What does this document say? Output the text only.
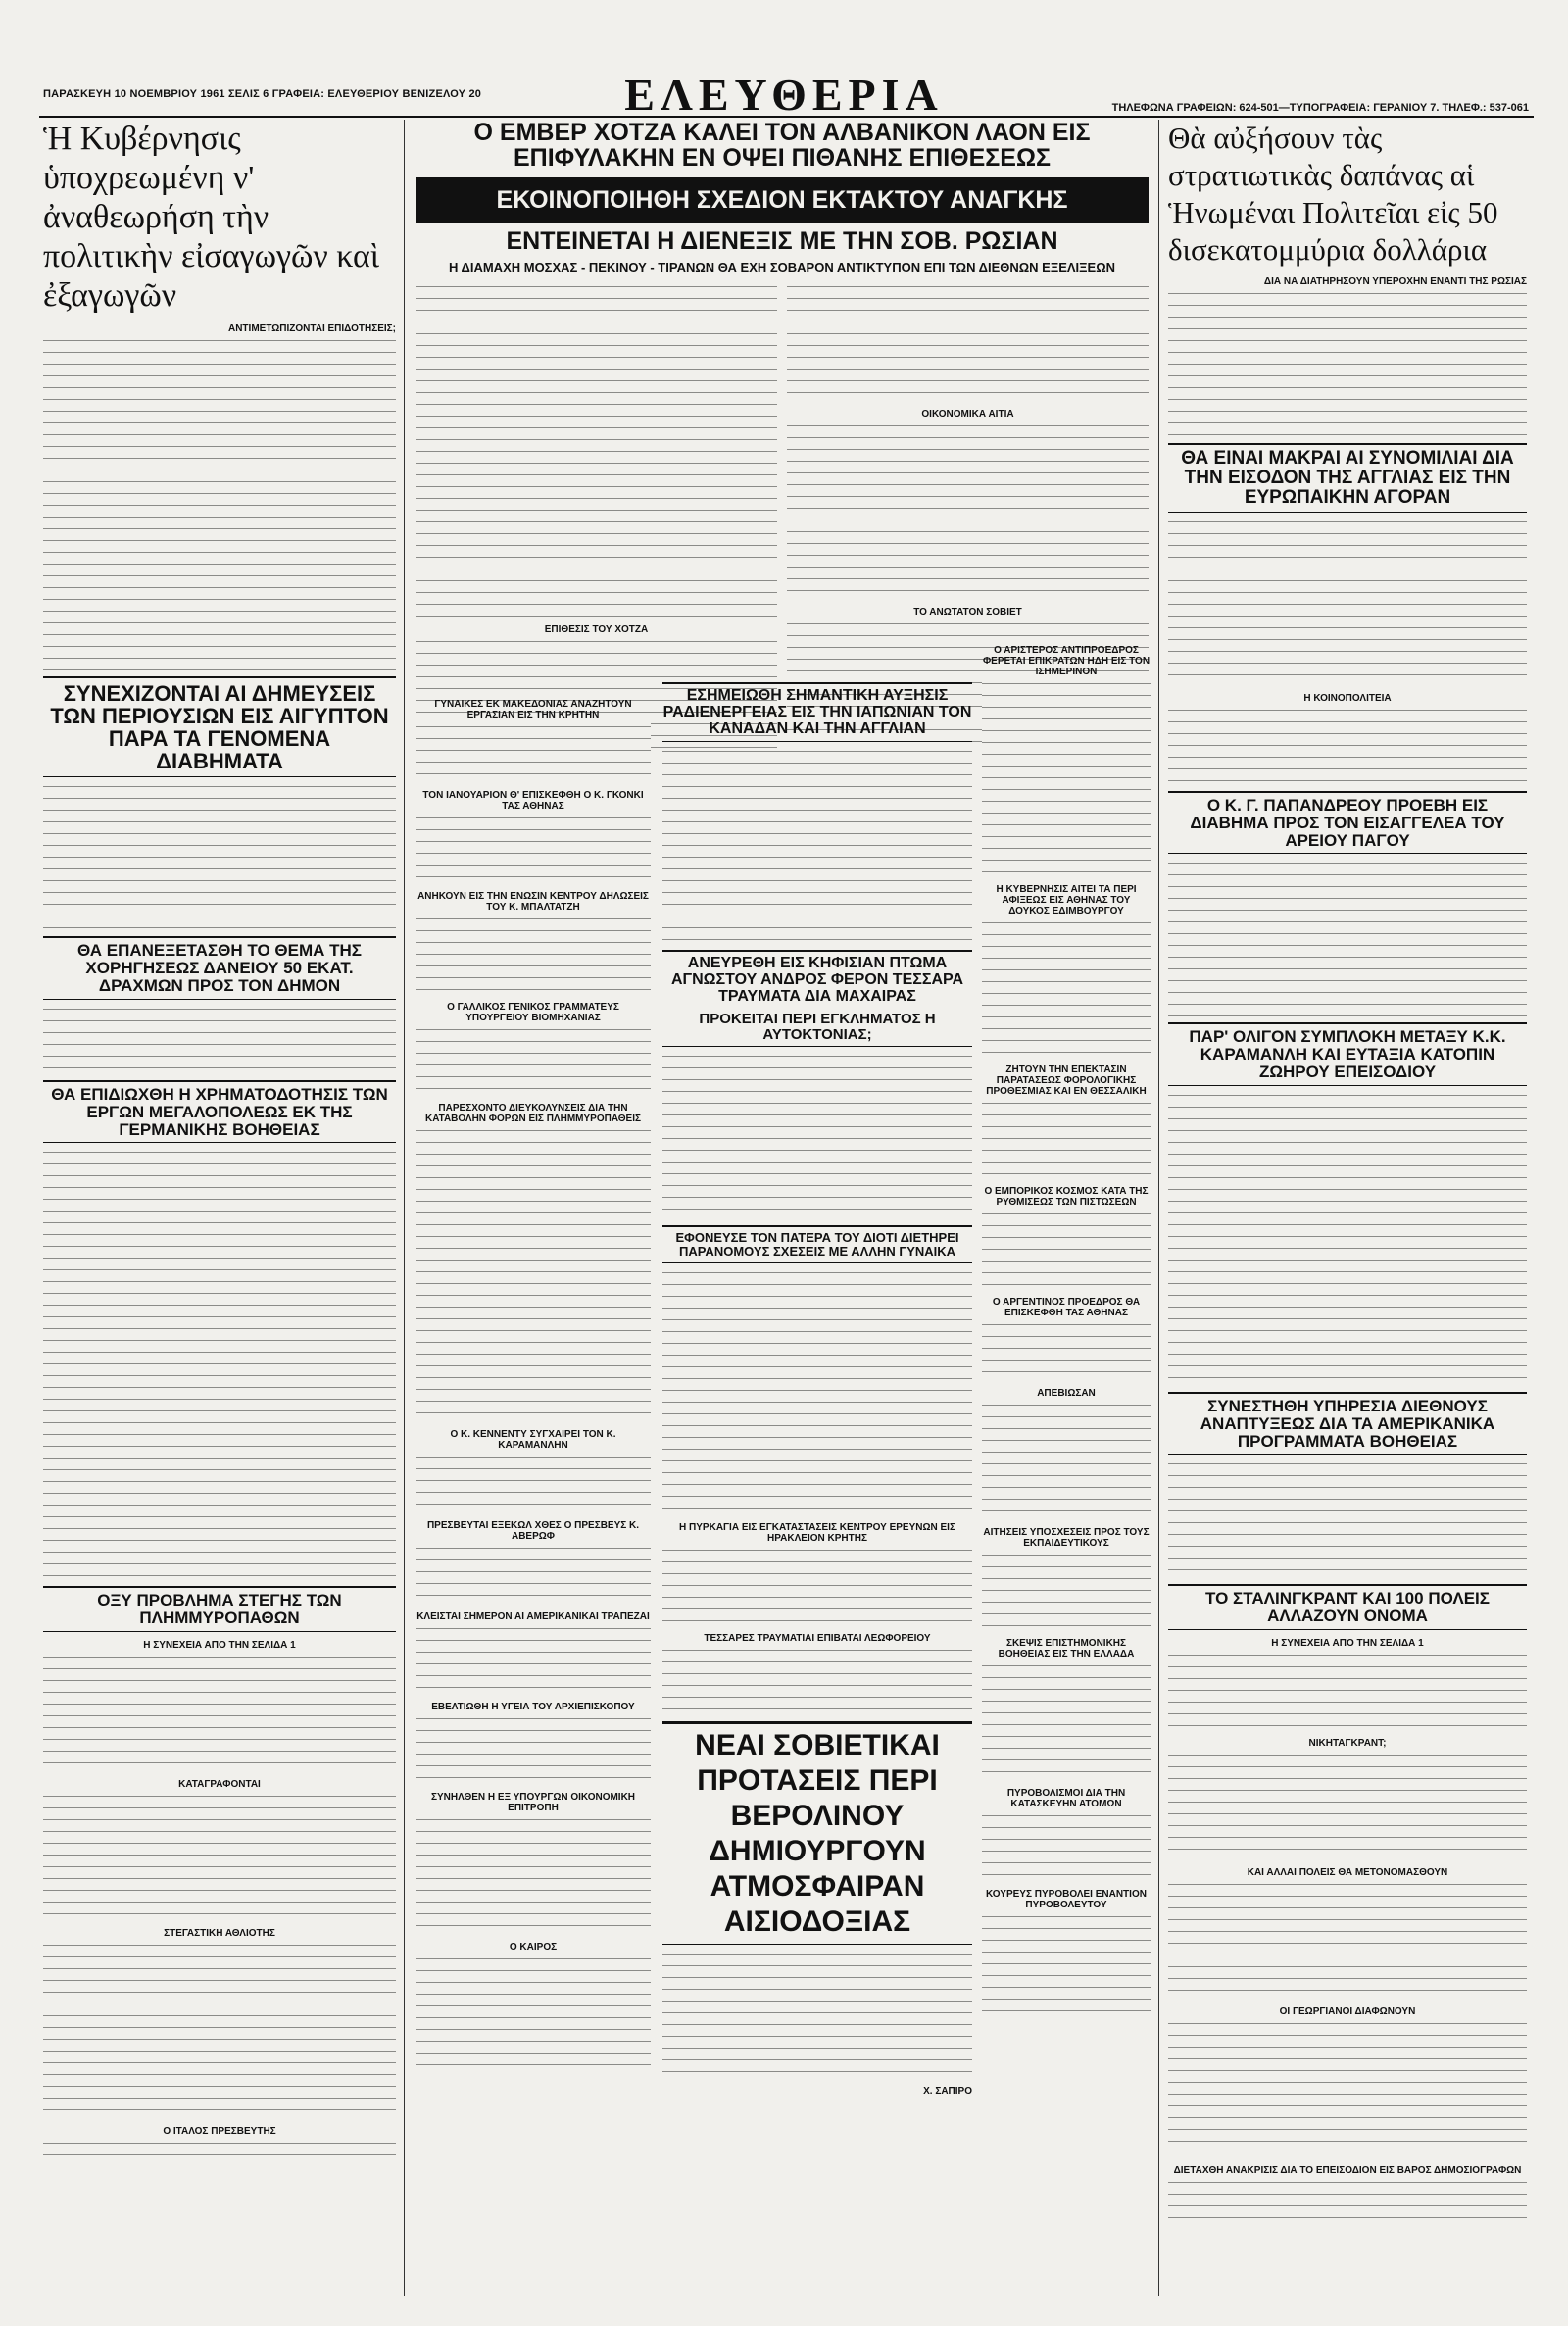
ΠΑΡΑΣΚΕΥΗ 10 ΝΟΕΜΒΡΙΟΥ 1961 ΣΕΛΙΣ 6 ΓΡΑΦΕΙΑ: ΕΛΕΥΘΕΡΙΟΥ ΒΕΝΙΖΕΛΟΥ 20	ΕΛΕΥΘΕΡΙΑ	ΤΗΛΕΦΩΝΑ ΓΡΑΦΕΙΩΝ: 624-501—ΤΥΠΟΓΡΑΦΕΙΑ: ΓΕΡΑΝΙΟΥ 7. ΤΗΛΕΦ.: 537-061
Ἡ Κυβέρνησις ὑποχρεωμένη ν' ἀναθεωρήση τὴν πολιτικὴν εἰσαγωγῶν καὶ ἐξαγωγῶν
ΑΝΤΙΜΕΤΩΠΙΖΟΝΤΑΙ ΕΠΙΔΟΤΗΣΕΙΣ;
ΣΥΝΕΧΙΖΟΝΤΑΙ ΑΙ ΔΗΜΕΥΣΕΙΣ ΤΩΝ ΠΕΡΙΟΥΣΙΩΝ ΕΙΣ ΑΙΓΥΠΤΟΝ ΠΑΡΑ ΤΑ ΓΕΝΟΜΕΝΑ ΔΙΑΒΗΜΑΤΑ
ΘΑ ΕΠΑΝΕΞΕΤΑΣΘΗ ΤΟ ΘΕΜΑ ΤΗΣ ΧΟΡΗΓΗΣΕΩΣ ΔΑΝΕΙΟΥ 50 ΕΚΑΤ. ΔΡΑΧΜΩΝ ΠΡΟΣ ΤΟΝ ΔΗΜΟΝ
ΘΑ ΕΠΙΔΙΩΧΘΗ Η ΧΡΗΜΑΤΟΔΟΤΗΣΙΣ ΤΩΝ ΕΡΓΩΝ ΜΕΓΑΛΟΠΟΛΕΩΣ ΕΚ ΤΗΣ ΓΕΡΜΑΝΙΚΗΣ ΒΟΗΘΕΙΑΣ
ΟΞΥ ΠΡΟΒΛΗΜΑ ΣΤΕΓΗΣ ΤΩΝ ΠΛΗΜΜΥΡΟΠΑΘΩΝ
Η ΣΥΝΕΧΕΙΑ ΑΠΟ ΤΗΝ ΣΕΛΙΔΑ 1
ΚΑΤΑΓΡΑΦΟΝΤΑΙ
ΣΤΕΓΑΣΤΙΚΗ ΑΘΛΙΟΤΗΣ
Ο ΙΤΑΛΟΣ ΠΡΕΣΒΕΥΤΗΣ
Ο ΕΜΒΕΡ ΧΟΤΖΑ ΚΑΛΕΙ ΤΟΝ ΑΛΒΑΝΙΚΟΝ ΛΑΟΝ ΕΙΣ ΕΠΙΦΥΛΑΚΗΝ ΕΝ ΟΨΕΙ ΠΙΘΑΝΗΣ ΕΠΙΘΕΣΕΩΣ
ΕΚΟΙΝΟΠΟΙΗΘΗ ΣΧΕΔΙΟΝ ΕΚΤΑΚΤΟΥ ΑΝΑΓΚΗΣ
ΕΝΤΕΙΝΕΤΑΙ Η ΔΙΕΝΕΞΙΣ ΜΕ ΤΗΝ ΣΟΒ. ΡΩΣΙΑΝ
Η ΔΙΑΜΑΧΗ ΜΟΣΧΑΣ - ΠΕΚΙΝΟΥ - ΤΙΡΑΝΩΝ ΘΑ ΕΧΗ ΣΟΒΑΡΟΝ ΑΝΤΙΚΤΥΠΟΝ ΕΠΙ ΤΩΝ ΔΙΕΘΝΩΝ ΕΞΕΛΙΞΕΩΝ
ΕΠΙΘΕΣΙΣ ΤΟΥ ΧΟΤΖΑ
ΟΙΚΟΝΟΜΙΚΑ ΑΙΤΙΑ
ΤΟ ΑΝΩΤΑΤΟΝ ΣΟΒΙΕΤ
ΓΥΝΑΙΚΕΣ ΕΚ ΜΑΚΕΔΟΝΙΑΣ ΑΝΑΖΗΤΟΥΝ ΕΡΓΑΣΙΑΝ ΕΙΣ ΤΗΝ ΚΡΗΤΗΝ
ΤΟΝ ΙΑΝΟΥΑΡΙΟΝ Θ' ΕΠΙΣΚΕΦΘΗ Ο Κ. ΓΚΟΝΚΙ ΤΑΣ ΑΘΗΝΑΣ
ΑΝΗΚΟΥΝ ΕΙΣ ΤΗΝ ΕΝΩΣΙΝ ΚΕΝΤΡΟΥ ΔΗΛΩΣΕΙΣ ΤΟΥ Κ. ΜΠΑΛΤΑΤΖΗ
Ο ΓΑΛΛΙΚΟΣ ΓΕΝΙΚΟΣ ΓΡΑΜΜΑΤΕΥΣ ΥΠΟΥΡΓΕΙΟΥ ΒΙΟΜΗΧΑΝΙΑΣ
ΠΑΡΕΣΧΟΝΤΟ ΔΙΕΥΚΟΛΥΝΣΕΙΣ ΔΙΑ ΤΗΝ ΚΑΤΑΒΟΛΗΝ ΦΟΡΩΝ ΕΙΣ ΠΛΗΜΜΥΡΟΠΑΘΕΙΣ
Ο Κ. ΚΕΝΝΕΝΤΥ ΣΥΓΧΑΙΡΕΙ ΤΟΝ Κ. ΚΑΡΑΜΑΝΛΗΝ
ΠΡΕΣΒΕΥΤΑΙ ΕΞΕΚΩΛ ΧΘΕΣ Ο ΠΡΕΣΒΕΥΣ Κ. ΑΒΕΡΩΦ
ΚΛΕΙΣΤΑΙ ΣΗΜΕΡΟΝ ΑΙ ΑΜΕΡΙΚΑΝΙΚΑΙ ΤΡΑΠΕΖΑΙ
ΕΒΕΛΤΙΩΘΗ Η ΥΓΕΙΑ ΤΟΥ ΑΡΧΙΕΠΙΣΚΟΠΟΥ
ΣΥΝΗΛΘΕΝ Η ΕΞ ΥΠΟΥΡΓΩΝ ΟΙΚΟΝΟΜΙΚΗ ΕΠΙΤΡΟΠΗ
Ο ΚΑΙΡΟΣ
ΕΣΗΜΕΙΩΘΗ ΣΗΜΑΝΤΙΚΗ ΑΥΞΗΣΙΣ ΡΑΔΙΕΝΕΡΓΕΙΑΣ ΕΙΣ ΤΗΝ ΙΑΠΩΝΙΑΝ ΤΟΝ ΚΑΝΑΔΑΝ ΚΑΙ ΤΗΝ ΑΓΓΛΙΑΝ
ΑΝΕΥΡΕΘΗ ΕΙΣ ΚΗΦΙΣΙΑΝ ΠΤΩΜΑ ΑΓΝΩΣΤΟΥ ΑΝΔΡΟΣ ΦΕΡΟΝ ΤΕΣΣΑΡΑ ΤΡΑΥΜΑΤΑ ΔΙΑ ΜΑΧΑΙΡΑΣ
ΠΡΟΚΕΙΤΑΙ ΠΕΡΙ ΕΓΚΛΗΜΑΤΟΣ Η ΑΥΤΟΚΤΟΝΙΑΣ;
ΕΦΟΝΕΥΣΕ ΤΟΝ ΠΑΤΕΡΑ ΤΟΥ ΔΙΟΤΙ ΔΙΕΤΗΡΕΙ ΠΑΡΑΝΟΜΟΥΣ ΣΧΕΣΕΙΣ ΜΕ ΑΛΛΗΝ ΓΥΝΑΙΚΑ
Η ΠΥΡΚΑΓΙΑ ΕΙΣ ΕΓΚΑΤΑΣΤΑΣΕΙΣ ΚΕΝΤΡΟΥ ΕΡΕΥΝΩΝ ΕΙΣ ΗΡΑΚΛΕΙΟΝ ΚΡΗΤΗΣ
ΤΕΣΣΑΡΕΣ ΤΡΑΥΜΑΤΙΑΙ ΕΠΙΒΑΤΑΙ ΛΕΩΦΟΡΕΙΟΥ
ΝΕΑΙ ΣΟΒΙΕΤΙΚΑΙ ΠΡΟΤΑΣΕΙΣ ΠΕΡΙ ΒΕΡΟΛΙΝΟΥ ΔΗΜΙΟΥΡΓΟΥΝ ΑΤΜΟΣΦΑΙΡΑΝ ΑΙΣΙΟΔΟΞΙΑΣ
Χ. ΣΑΠΙΡΟ
Ο ΑΡΙΣΤΕΡΟΣ ΑΝΤΙΠΡΟΕΔΡΟΣ ΦΕΡΕΤΑΙ ΕΠΙΚΡΑΤΩΝ ΗΔΗ ΕΙΣ ΤΟΝ ΙΣΗΜΕΡΙΝΟΝ
Η ΚΥΒΕΡΝΗΣΙΣ ΑΙΤΕΙ ΤΑ ΠΕΡΙ ΑΦΙΞΕΩΣ ΕΙΣ ΑΘΗΝΑΣ ΤΟΥ ΔΟΥΚΟΣ ΕΔΙΜΒΟΥΡΓΟΥ
ΖΗΤΟΥΝ ΤΗΝ ΕΠΕΚΤΑΣΙΝ ΠΑΡΑΤΑΣΕΩΣ ΦΟΡΟΛΟΓΙΚΗΣ ΠΡΟΘΕΣΜΙΑΣ ΚΑΙ ΕΝ ΘΕΣΣΑΛΙΚΗ
Ο ΕΜΠΟΡΙΚΟΣ ΚΟΣΜΟΣ ΚΑΤΑ ΤΗΣ ΡΥΘΜΙΣΕΩΣ ΤΩΝ ΠΙΣΤΩΣΕΩΝ
Ο ΑΡΓΕΝΤΙΝΟΣ ΠΡΟΕΔΡΟΣ ΘΑ ΕΠΙΣΚΕΦΘΗ ΤΑΣ ΑΘΗΝΑΣ
ΑΠΕΒΙΩΣΑΝ
ΑΙΤΗΣΕΙΣ ΥΠΟΣΧΕΣΕΙΣ ΠΡΟΣ ΤΟΥΣ ΕΚΠΑΙΔΕΥΤΙΚΟΥΣ
ΣΚΕΨΙΣ ΕΠΙΣΤΗΜΟΝΙΚΗΣ ΒΟΗΘΕΙΑΣ ΕΙΣ ΤΗΝ ΕΛΛΑΔΑ
ΠΥΡΟΒΟΛΙΣΜΟΙ ΔΙΑ ΤΗΝ ΚΑΤΑΣΚΕΥΗΝ ΑΤΟΜΩΝ
ΚΟΥΡΕΥΣ ΠΥΡΟΒΟΛΕΙ ΕΝΑΝΤΙΟΝ ΠΥΡΟΒΟΛΕΥΤΟΥ
Θὰ αὐξήσουν τὰς στρατιωτικὰς δαπάνας αἱ Ἡνωμέναι Πολιτεῖαι εἰς 50 δισεκατομμύρια δολλάρια
ΔΙΑ ΝΑ ΔΙΑΤΗΡΗΣΟΥΝ ΥΠΕΡΟΧΗΝ ΕΝΑΝΤΙ ΤΗΣ ΡΩΣΙΑΣ
ΘΑ ΕΙΝΑΙ ΜΑΚΡΑΙ ΑΙ ΣΥΝΟΜΙΛΙΑΙ ΔΙΑ ΤΗΝ ΕΙΣΟΔΟΝ ΤΗΣ ΑΓΓΛΙΑΣ ΕΙΣ ΤΗΝ ΕΥΡΩΠΑΙΚΗΝ ΑΓΟΡΑΝ
Η ΚΟΙΝΟΠΟΛΙΤΕΙΑ
Ο Κ. Γ. ΠΑΠΑΝΔΡΕΟΥ ΠΡΟΕΒΗ ΕΙΣ ΔΙΑΒΗΜΑ ΠΡΟΣ ΤΟΝ ΕΙΣΑΓΓΕΛΕΑ ΤΟΥ ΑΡΕΙΟΥ ΠΑΓΟΥ
ΠΑΡ' ΟΛΙΓΟΝ ΣΥΜΠΛΟΚΗ ΜΕΤΑΞΥ Κ.Κ. ΚΑΡΑΜΑΝΛΗ ΚΑΙ ΕΥΤΑΞΙΑ ΚΑΤΟΠΙΝ ΖΩΗΡΟΥ ΕΠΕΙΣΟΔΙΟΥ
ΣΥΝΕΣΤΗΘΗ ΥΠΗΡΕΣΙΑ ΔΙΕΘΝΟΥΣ ΑΝΑΠΤΥΞΕΩΣ ΔΙΑ ΤΑ ΑΜΕΡΙΚΑΝΙΚΑ ΠΡΟΓΡΑΜΜΑΤΑ ΒΟΗΘΕΙΑΣ
ΤΟ ΣΤΑΛΙΝΓΚΡΑΝΤ ΚΑΙ 100 ΠΟΛΕΙΣ ΑΛΛΑΖΟΥΝ ΟΝΟΜΑ
Η ΣΥΝΕΧΕΙΑ ΑΠΟ ΤΗΝ ΣΕΛΙΔΑ 1
ΝΙΚΗΤΑΓΚΡΑΝΤ;
ΚΑΙ ΑΛΛΑΙ ΠΟΛΕΙΣ ΘΑ ΜΕΤΟΝΟΜΑΣΘΟΥΝ
ΟΙ ΓΕΩΡΓΙΑΝΟΙ ΔΙΑΦΩΝΟΥΝ
ΔΙΕΤΑΧΘΗ ΑΝΑΚΡΙΣΙΣ ΔΙΑ ΤΟ ΕΠΕΙΣΟΔΙΟΝ ΕΙΣ ΒΑΡΟΣ ΔΗΜΟΣΙΟΓΡΑΦΩΝ
